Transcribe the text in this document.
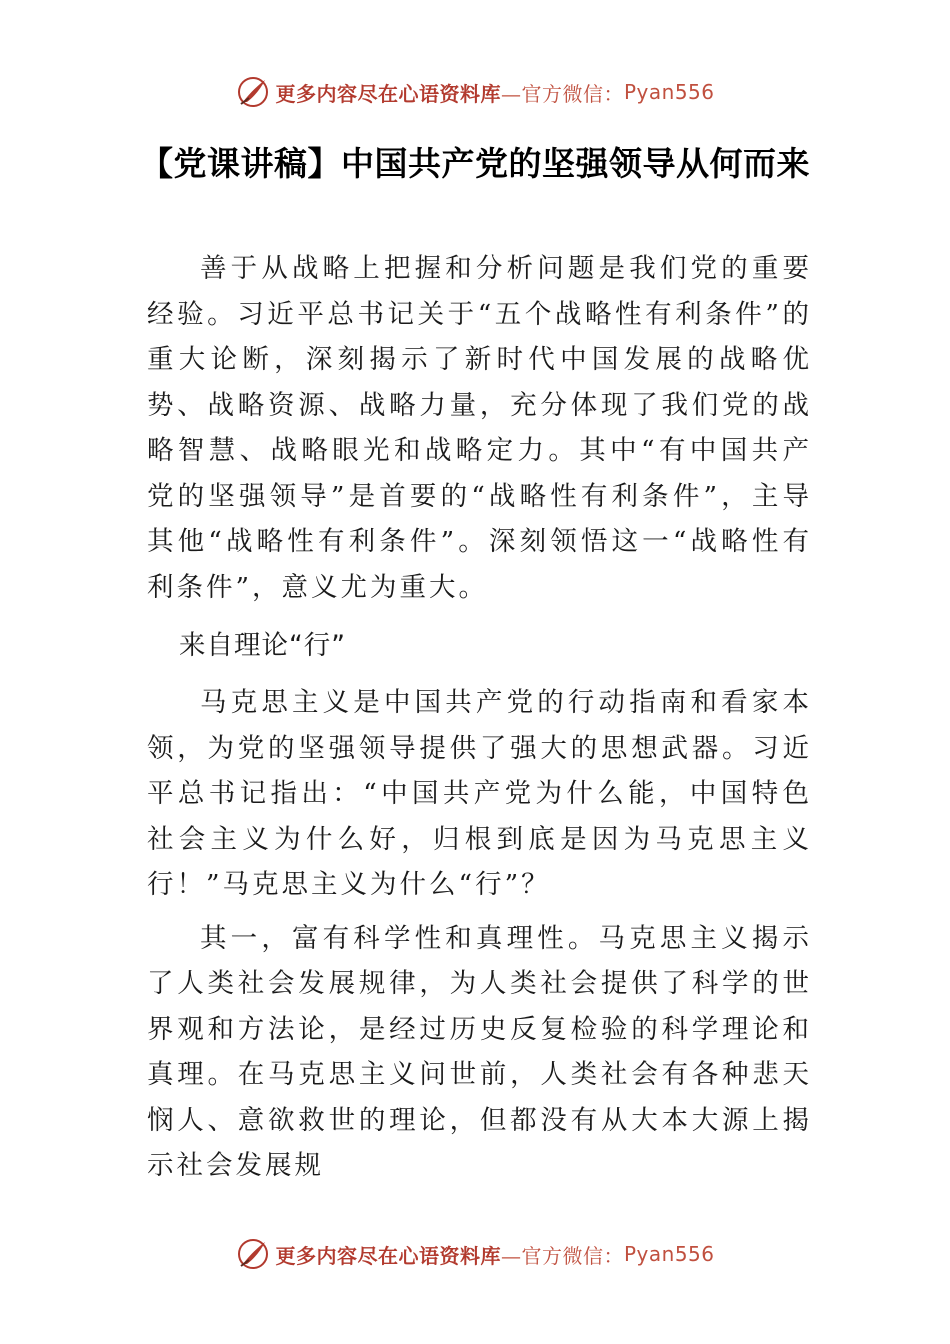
更多内容尽在心语资料库 —官方微信： Pyan556
【党课讲稿】中国共产党的坚强领导从何而来

善于从战略上把握和分析问题是我们党的重要经验。习近平总书记关于“五个战略性有利条件”的重大论断，深刻揭示了新时代中国发展的战略优势、战略资源、战略力量，充分体现了我们党的战略智慧、战略眼光和战略定力。其中“有中国共产党的坚强领导”是首要的“战略性有利条件”，主导其他“战略性有利条件”。深刻领悟这一“战略性有利条件”，意义尤为重大。

来自理论“行”

马克思主义是中国共产党的行动指南和看家本领，为党的坚强领导提供了强大的思想武器。习近平总书记指出：“中国共产党为什么能，中国特色社会主义为什么好，归根到底是因为马克思主义行！”马克思主义为什么“行”？

其一，富有科学性和真理性。马克思主义揭示了人类社会发展规律，为人类社会提供了科学的世界观和方法论，是经过历史反复检验的科学理论和真理。在马克思主义问世前，人类社会有各种悲天悯人、意欲救世的理论，但都没有从大本大源上揭示社会发展规

更多内容尽在心语资料库 —官方微信： Pyan556
